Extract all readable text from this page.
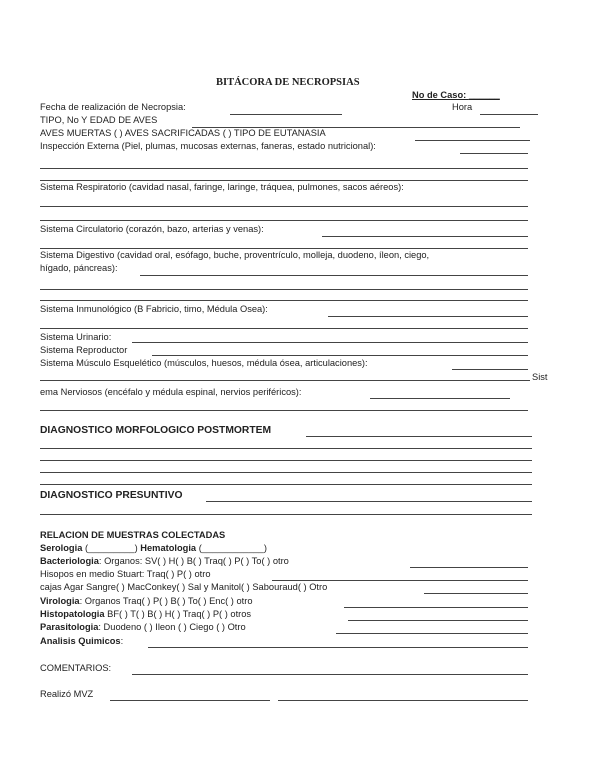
BITÁCORA DE NECROPSIAS
No de Caso: ______
Fecha de realización de Necropsia:	Hora
TIPO, No Y EDAD DE AVES
AVES MUERTAS ( ) AVES SACRIFICADAS ( ) TIPO DE EUTANASIA
Inspección Externa (Piel, plumas, mucosas externas, faneras, estado nutricional):
Sistema Respiratorio (cavidad nasal, faringe, laringe, tráquea, pulmones, sacos aéreos):
Sistema Circulatorio (corazón, bazo, arterias y venas):
Sistema Digestivo (cavidad oral, esófago, buche, proventrículo, molleja, duodeno, íleon, ciego,
hígado, páncreas):
Sistema Inmunológico (B Fabricio, timo, Médula Osea):
Sistema Urinario:
Sistema Reproductor
Sistema Músculo Esquelético (músculos, huesos, médula ósea, articulaciones):
Sist
ema Nerviosos (encéfalo y médula espinal, nervios periféricos):
DIAGNOSTICO MORFOLOGICO POSTMORTEM
DIAGNOSTICO PRESUNTIVO
RELACION DE MUESTRAS COLECTADAS
Serologia (_________) Hematologia (____________)
Bacteriologia: Organos: SV( ) H( ) B( ) Traq( ) P( ) To( ) otro
Hisopos en medio Stuart: Traq( ) P( ) otro
cajas Agar Sangre( ) MacConkey( ) Sal y Manitol( ) Sabouraud( ) Otro
Virologia: Organos Traq( ) P( ) B( ) To( ) Enc( ) otro
Histopatologia BF( ) T( ) B( ) H( ) Traq( ) P( ) otros
Parasitologia: Duodeno ( ) Ileon ( ) Ciego ( ) Otro
Analisis Quimicos:
COMENTARIOS:
Realizó MVZ
